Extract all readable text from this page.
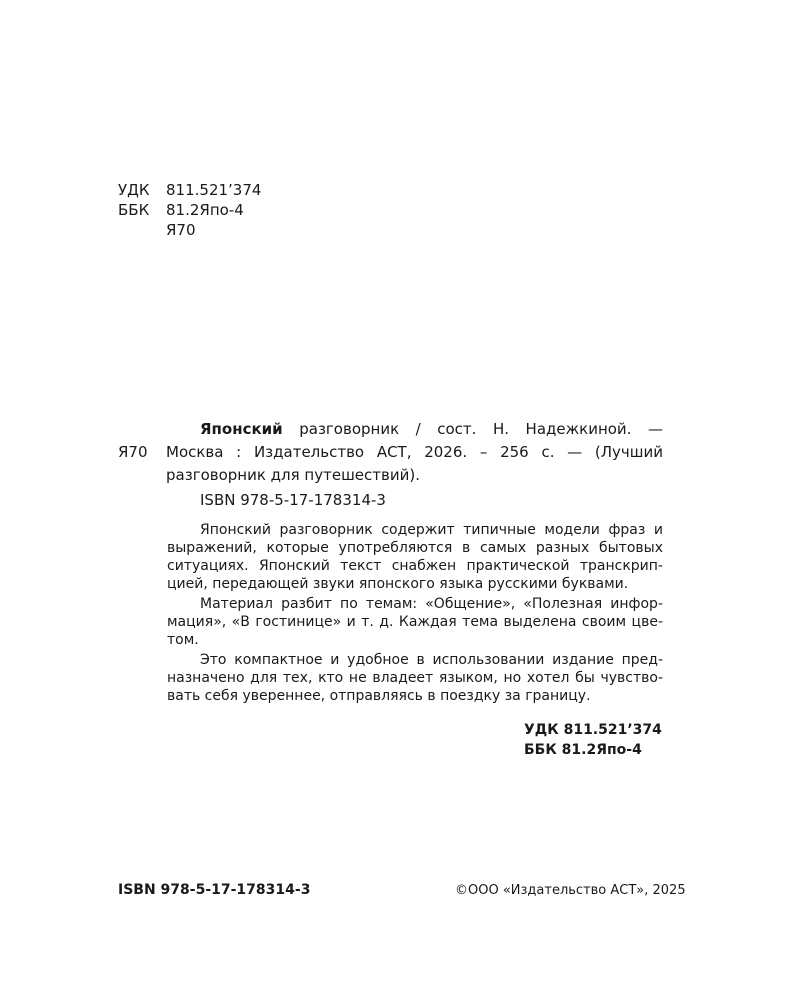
УДК 811.521’374
ББК 81.2Япо-4
Я70
Японский разговорник / сост. Н. Надежкиной. —
Я70 Москва : Издательство АСТ, 2026. – 256 с. — (Лучший
разговорник для путешествий).
ISBN 978-5-17-178314-3
Японский разговорник содержит типичные модели фраз и
выражений, которые употребляются в самых разных бытовых
ситуациях. Японский текст снабжен практической транскрип-
цией, передающей звуки японского языка русскими буквами.
Материал разбит по темам: «Общение», «Полезная инфор-
мация», «В гостинице» и т. д. Каждая тема выделена своим цве-
том.
Это компактное и удобное в использовании издание пред-
назначено для тех, кто не владеет языком, но хотел бы чувство-
вать себя увереннее, отправляясь в поездку за границу.
УДК 811.521’374
ББК 81.2Япо-4
ISBN 978-5-17-178314-3	©ООО «Издательство АСТ», 2025
